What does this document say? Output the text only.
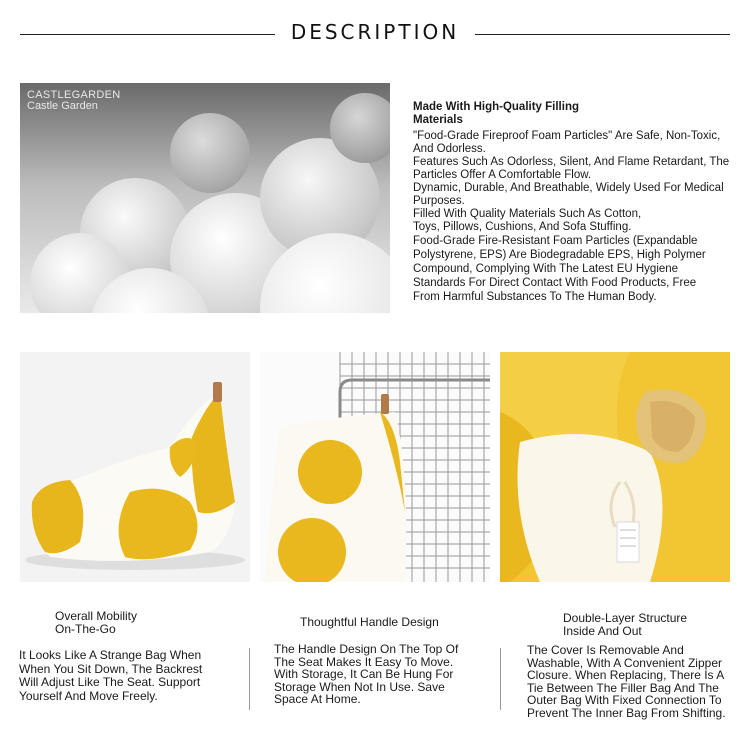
DESCRIPTION
CASTLEGARDEN
Castle Garden	Made With High-Quality Filling Materials

"Food-Grade Fireproof Foam Particles" Are Safe, Non-Toxic, And Odorless.

Features Such As Odorless, Silent, And Flame Retardant, The Particles Offer A Comfortable Flow.

Dynamic, Durable, And Breathable, Widely Used For Medical Purposes.

Filled With Quality Materials Such As Cotton, Toys, Pillows, Cushions, And Sofa Stuffing.

Food-Grade Fire-Resistant Foam Particles (Expandable Polystyrene, EPS) Are Biodegradable EPS, High Polymer Compound, Complying With The Latest EU Hygiene Standards For Direct Contact With Food Products, Free From Harmful Substances To The Human Body.

Overall Mobility On-The-Go
It Looks Like A Strange Bag When When You Sit Down, The Backrest Will Adjust Like The Seat. Support Yourself And Move Freely.
Thoughtful Handle Design
The Handle Design On The Top Of The Seat Makes It Easy To Move. With Storage, It Can Be Hung For Storage When Not In Use. Save Space At Home.
Double-Layer Structure Inside And Out
The Cover Is Removable And Washable, With A Convenient Zipper Closure. When Replacing, There Is A Tie Between The Filler Bag And The Outer Bag With Fixed Connection To Prevent The Inner Bag From Shifting.
